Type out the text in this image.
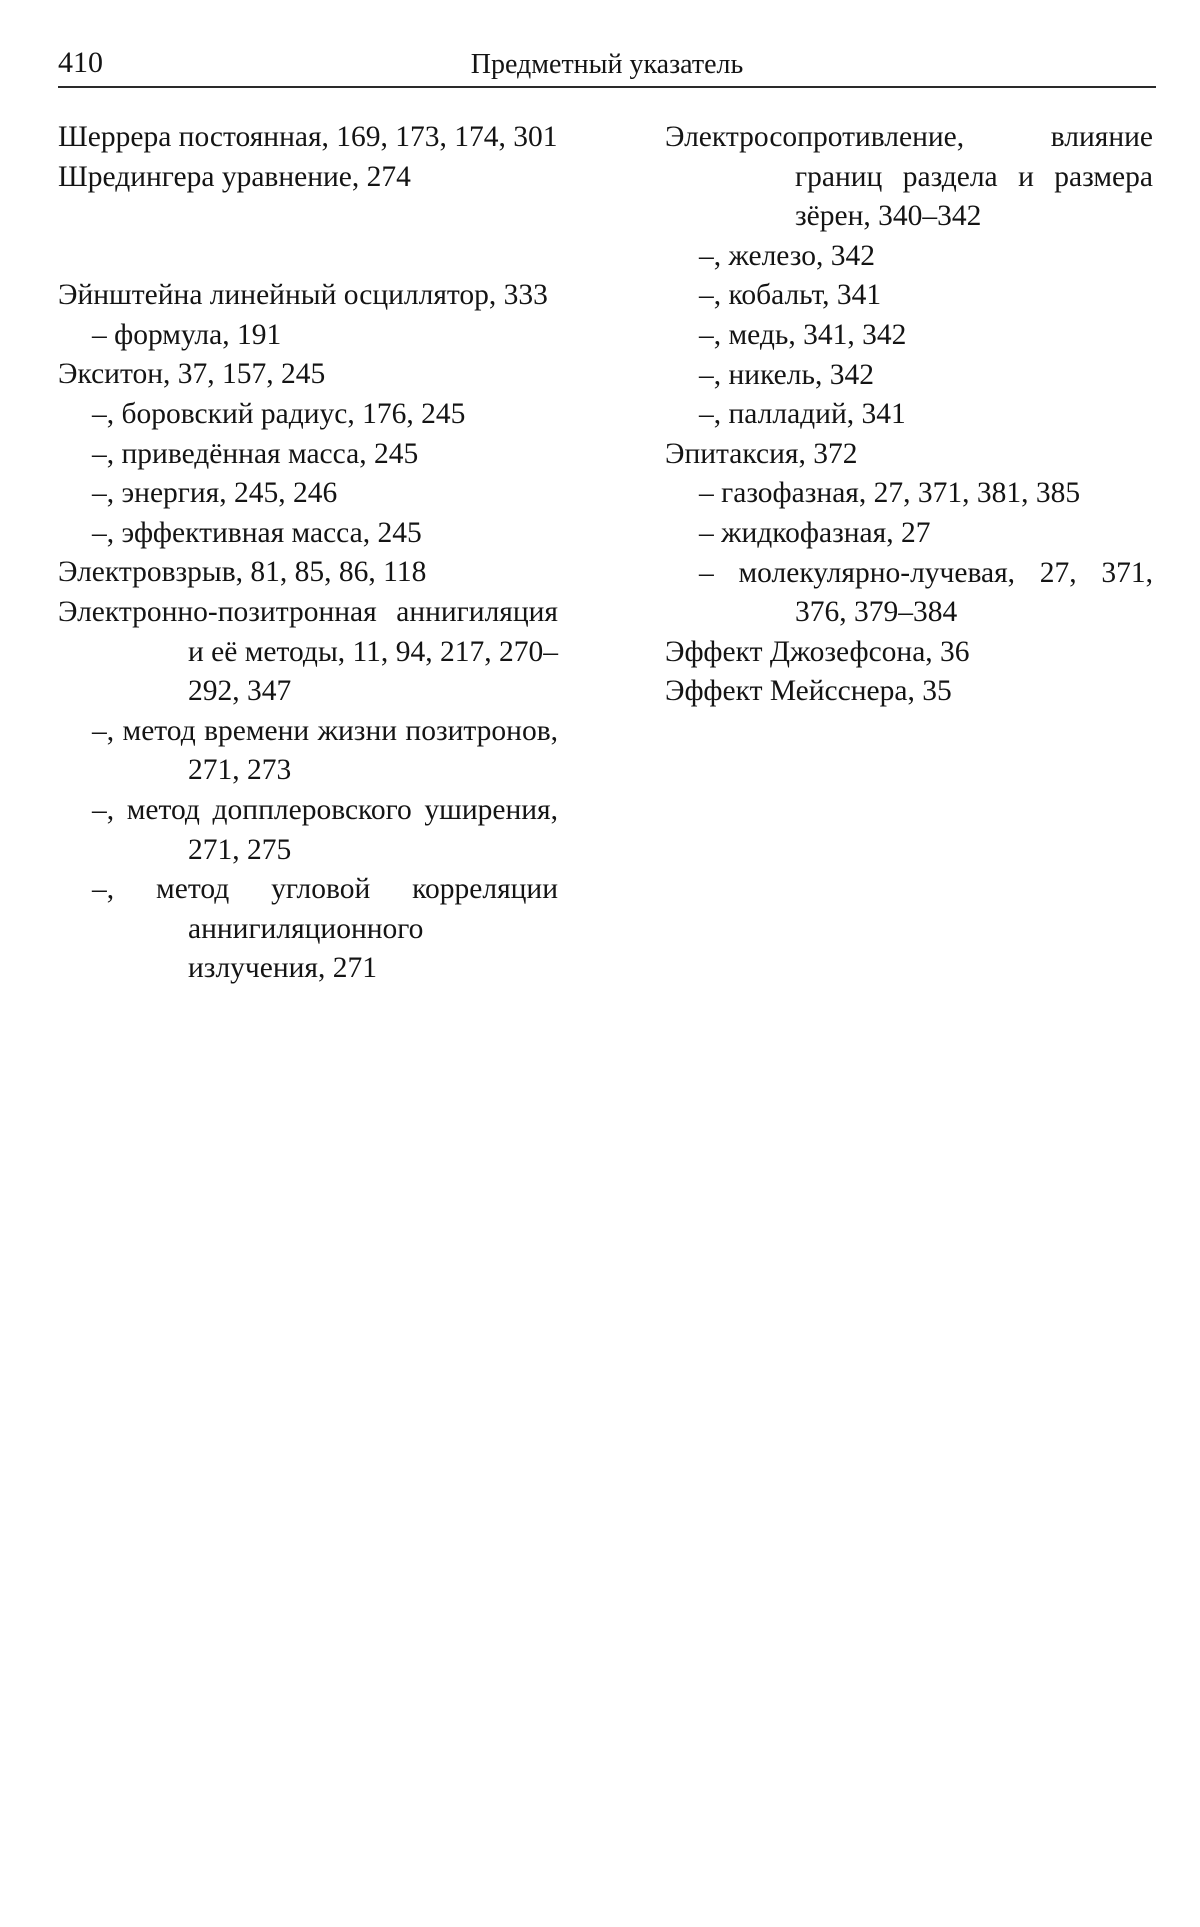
410	Предметный указатель

Шеррера постоянная, 169, 173, 174, 301

Шредингера уравнение, 274

Эйнштейна линейный осциллятор, 333

– формула, 191

Экситон, 37, 157, 245

–, боровский радиус, 176, 245

–, приведённая масса, 245

–, энергия, 245, 246

–, эффективная масса, 245

Электровзрыв, 81, 85, 86, 118

Электронно-позитронная аннигиляция и её методы, 11, 94, 217, 270–292, 347

–, метод времени жизни позитронов, 271, 273

–, метод допплеровского уширения, 271, 275

–, метод угловой корреляции аннигиляционного излучения, 271

Электросопротивление, влияние границ раздела и размера зёрен, 340–342

–, железо, 342

–, кобальт, 341

–, медь, 341, 342

–, никель, 342

–, палладий, 341

Эпитаксия, 372

– газофазная, 27, 371, 381, 385

– жидкофазная, 27

– молекулярно-лучевая, 27, 371, 376, 379–384

Эффект Джозефсона, 36

Эффект Мейсснера, 35
